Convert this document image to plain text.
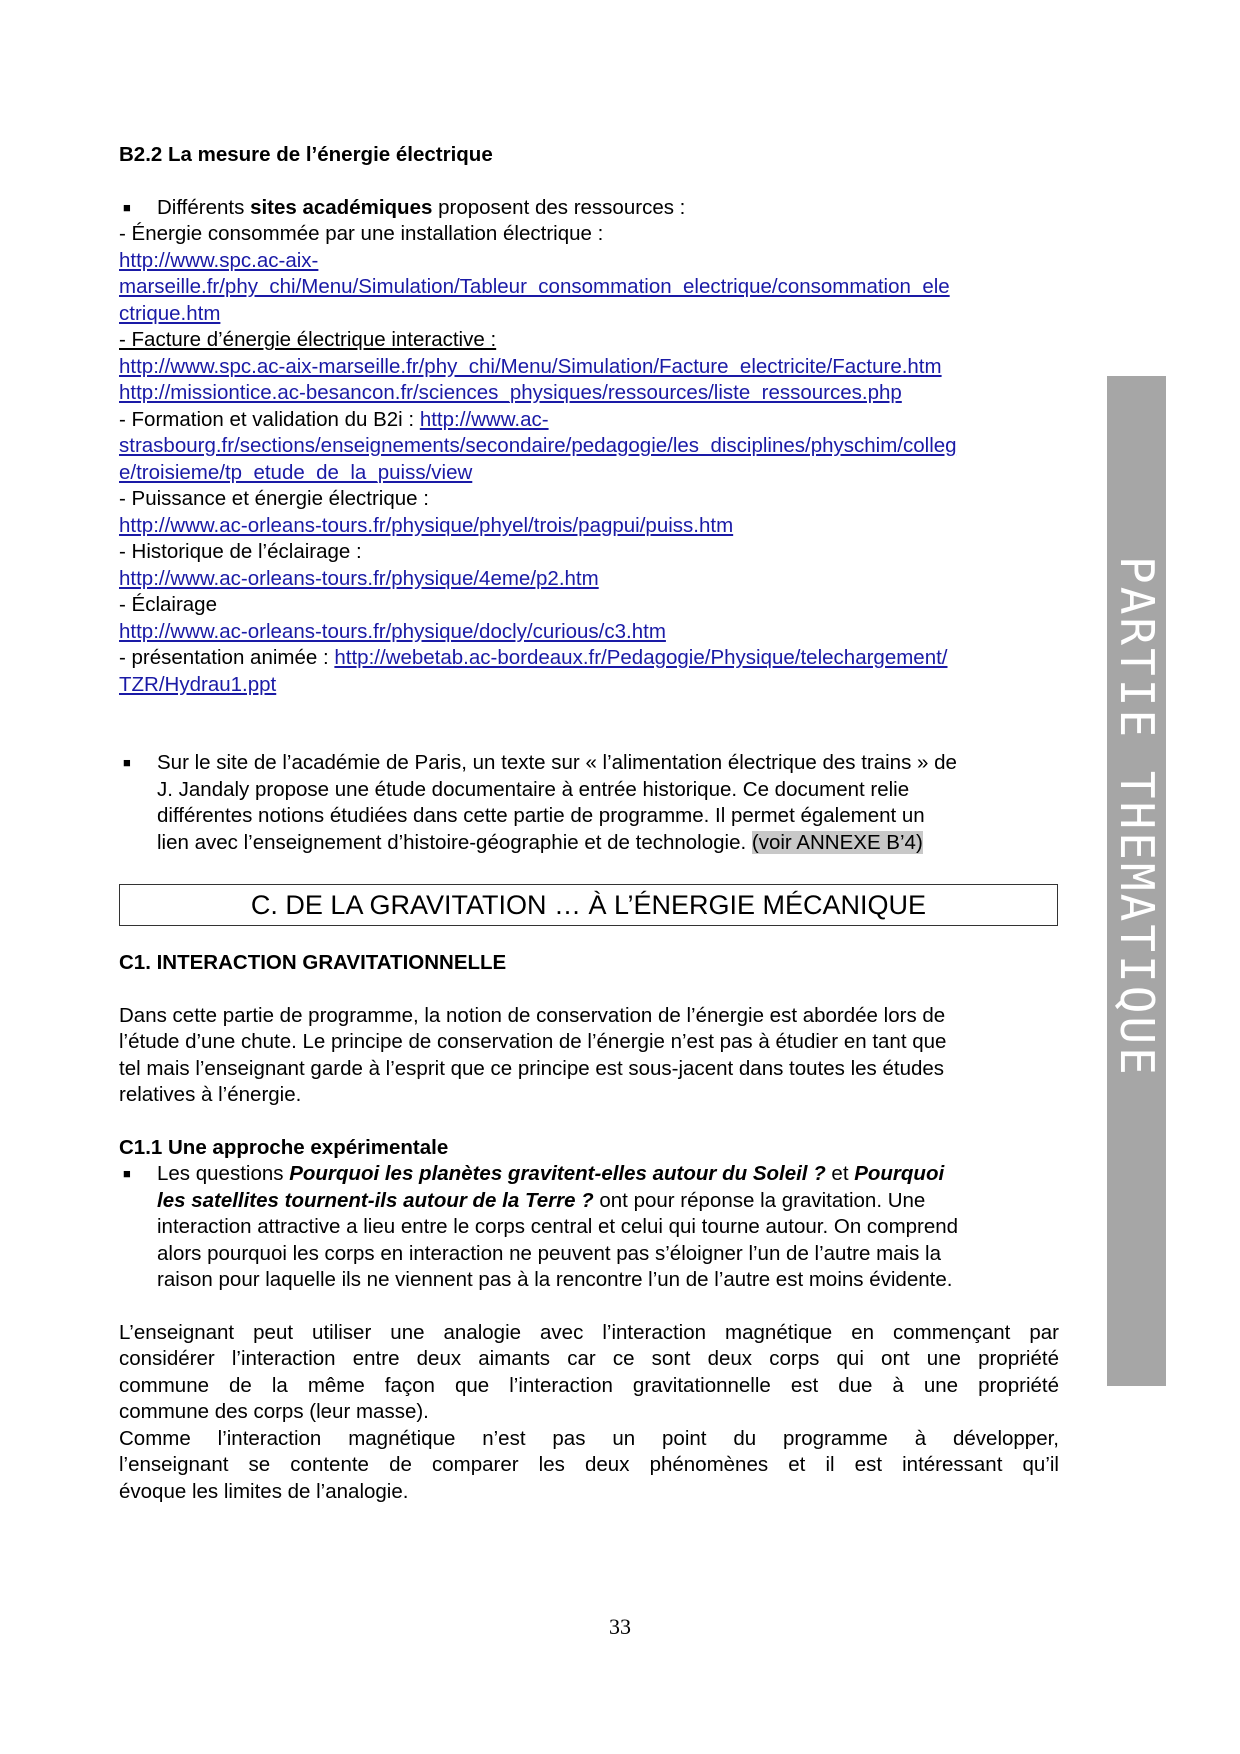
B2.2 La mesure de l’énergie électrique
■ Différents sites académiques proposent des ressources :
- Énergie consommée par une installation électrique :
http://www.spc.ac-aix-
marseille.fr/phy_chi/Menu/Simulation/Tableur_consommation_electrique/consommation_ele
ctrique.htm
- Facture d’énergie électrique interactive :
http://www.spc.ac-aix-marseille.fr/phy_chi/Menu/Simulation/Facture_electricite/Facture.htm
http://missiontice.ac-besancon.fr/sciences_physiques/ressources/liste_ressources.php
- Formation et validation du B2i : http://www.ac-
strasbourg.fr/sections/enseignements/secondaire/pedagogie/les_disciplines/physchim/colleg
e/troisieme/tp_etude_de_la_puiss/view
- Puissance et énergie électrique :
http://www.ac-orleans-tours.fr/physique/phyel/trois/pagpui/puiss.htm
- Historique de l’éclairage :
http://www.ac-orleans-tours.fr/physique/4eme/p2.htm
- Éclairage
http://www.ac-orleans-tours.fr/physique/docly/curious/c3.htm
- présentation animée : http://webetab.ac-bordeaux.fr/Pedagogie/Physique/telechargement/
TZR/Hydrau1.ppt
■ Sur le site de l’académie de Paris, un texte sur « l’alimentation électrique des trains » de
J. Jandaly propose une étude documentaire à entrée historique. Ce document relie
différentes notions étudiées dans cette partie de programme. Il permet également un
lien avec l’enseignement d’histoire-géographie et de technologie. (voir ANNEXE B’4)
C. DE LA GRAVITATION … À L’ÉNERGIE MÉCANIQUE
C1. INTERACTION GRAVITATIONNELLE
Dans cette partie de programme, la notion de conservation de l’énergie est abordée lors de
l’étude d’une chute. Le principe de conservation de l’énergie n’est pas à étudier en tant que
tel mais l’enseignant garde à l’esprit que ce principe est sous-jacent dans toutes les études
relatives à l’énergie.
C1.1 Une approche expérimentale
■ Les questions Pourquoi les planètes gravitent-elles autour du Soleil ? et Pourquoi
les satellites tournent-ils autour de la Terre ? ont pour réponse la gravitation. Une
interaction attractive a lieu entre le corps central et celui qui tourne autour. On comprend
alors pourquoi les corps en interaction ne peuvent pas s’éloigner l’un de l’autre mais la
raison pour laquelle ils ne viennent pas à la rencontre l’un de l’autre est moins évidente.
L’enseignant peut utiliser une analogie avec l’interaction magnétique en commençant par
considérer l’interaction entre deux aimants car ce sont deux corps qui ont une propriété
commune de la même façon que l’interaction gravitationnelle est due à une propriété
commune des corps (leur masse).
Comme l’interaction magnétique n’est pas un point du programme à développer,
l’enseignant se contente de comparer les deux phénomènes et il est intéressant qu’il
évoque les limites de l’analogie.
PARTIE THEMATIQUE
33
